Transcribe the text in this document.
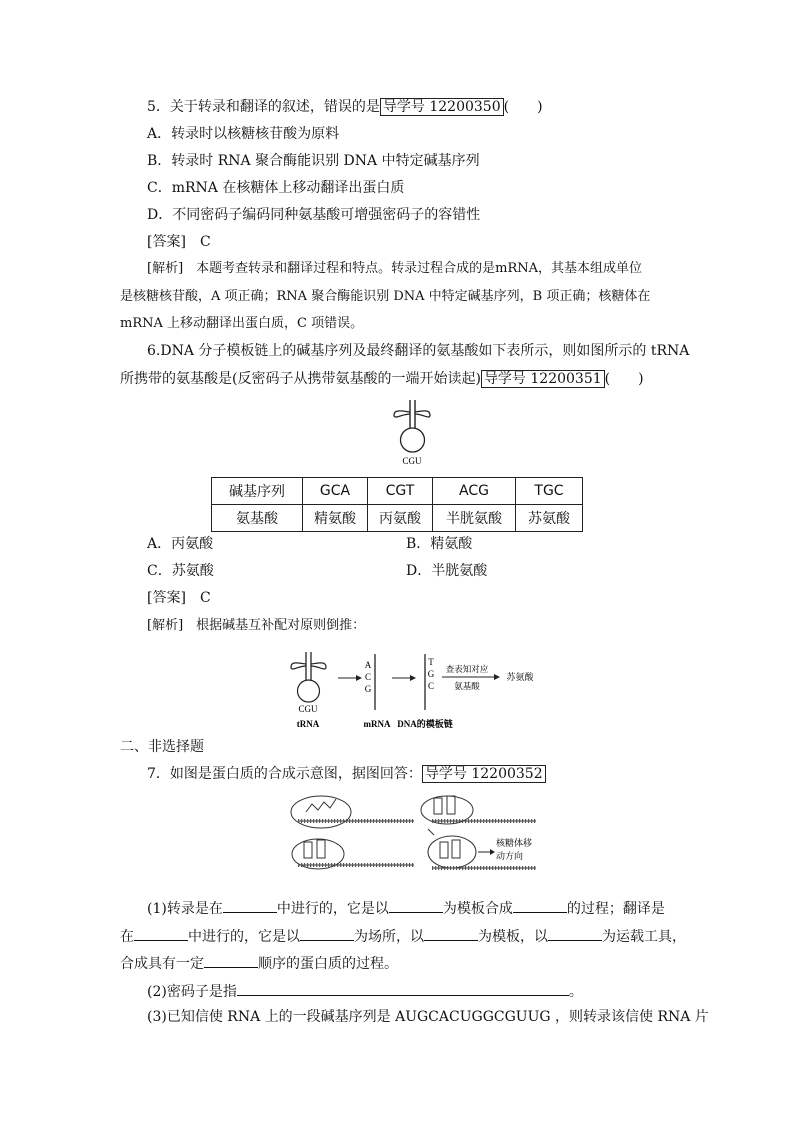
5．关于转录和翻译的叙述，错误的是 导学号 12200350 (　　)
A．转录时以核糖核苷酸为原料
B．转录时 RNA 聚合酶能识别 DNA 中特定碱基序列
C．mRNA 在核糖体上移动翻译出蛋白质
D．不同密码子编码同种氨基酸可增强密码子的容错性
[答案]　 C
[解析]　 本题考查转录和翻译过程和特点。转录过程合成的是mRNA，其基本组成单位
是核糖核苷酸，A 项正确；RNA 聚合酶能识别 DNA 中特定碱基序列，B 项正确；核糖体在
mRNA 上移动翻译出蛋白质，C 项错误。
6.DNA 分子模板链上的碱基序列及最终翻译的氨基酸如下表所示，则如图所示的 tRNA
所携带的氨基酸是(反密码子从携带氨基酸的一端开始读起) 导学号 12200351 (　　)
CGU
碱基序列	GCA	CGT	ACG	TGC
氨基酸	精氨酸	丙氨酸	半胱氨酸	苏氨酸
A．丙氨酸	B．精氨酸
C．苏氨酸	D．半胱氨酸
[答案]　 C
[解析]　 根据碱基互补配对原则倒推：
CGU
tRNA
A
C
G
mRNA
T
G
C
DNA的模板链
查表知对应
氨基酸
苏氨酸
二、非选择题
7．如图是蛋白质的合成示意图，据图回答： 导学号 12200352
核糖体移
动方向
(1)转录是在	中进行的，它是以	为模板合成	的过程；翻译是
在	中进行的，它是以	为场所，以	为模板，以	为运载工具，
合成具有一定	顺序的蛋白质的过程。
(2)密码子是指	。
(3)已知信使 RNA 上的一段碱基序列是 AUGCACUGGCGUUG ，则转录该信使 RNA 片
